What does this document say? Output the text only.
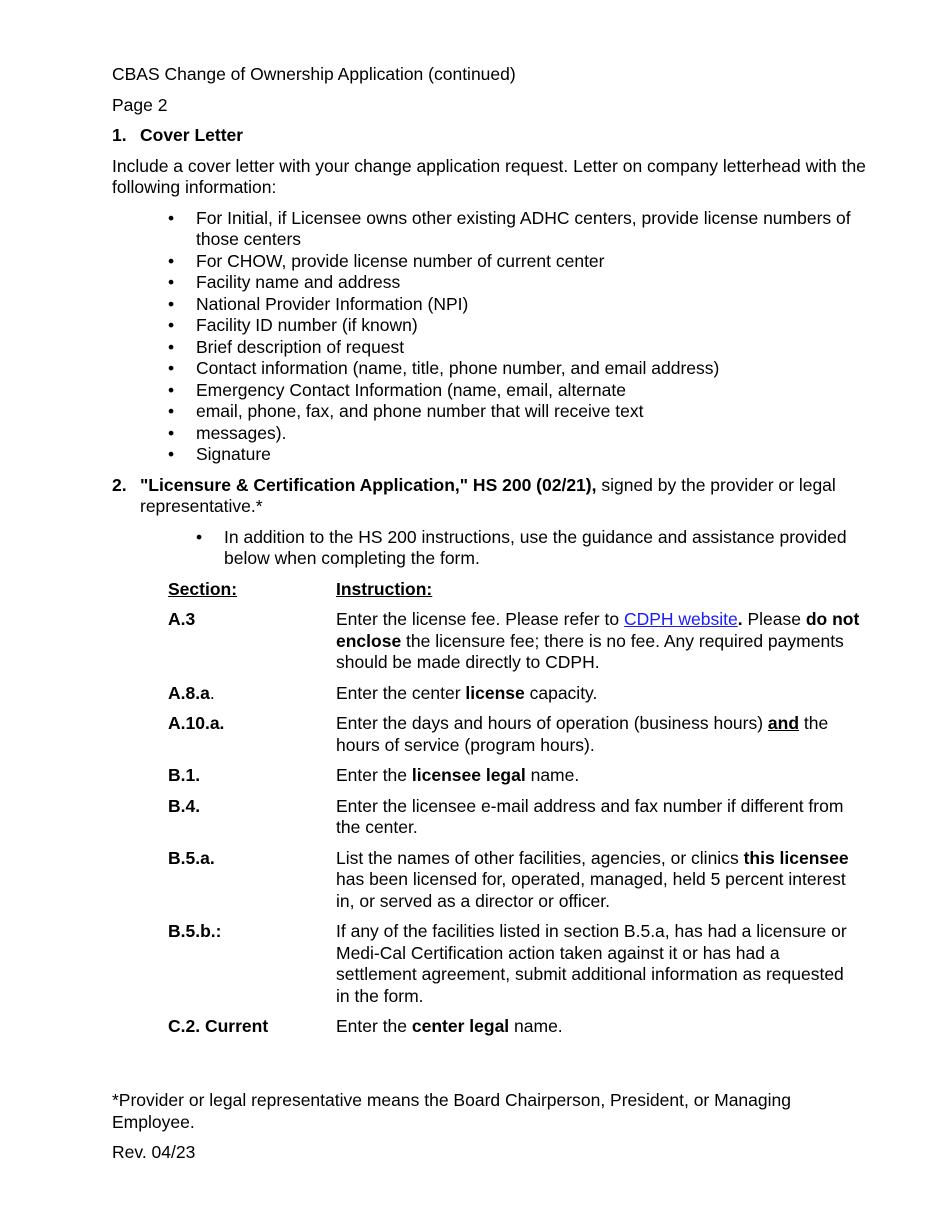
CBAS Change of Ownership Application (continued)

Page 2

1. Cover Letter

Include a cover letter with your change application request. Letter on company letterhead with the following information:

•	For Initial, if Licensee owns other existing ADHC centers, provide license numbers of those centers
•	For CHOW, provide license number of current center
•	Facility name and address
•	National Provider Information (NPI)
•	Facility ID number (if known)
•	Brief description of request
•	Contact information (name, title, phone number, and email address)
•	Emergency Contact Information (name, email, alternate
•	email, phone, fax, and phone number that will receive text
•	messages).
•	Signature
2. "Licensure & Certification Application," HS 200 (02/21), signed by the provider or legal representative.*
•	In addition to the HS 200 instructions, use the guidance and assistance provided below when completing the form.
Section:	Instruction:
A.3	Enter the license fee. Please refer to CDPH website. Please do not enclose the licensure fee; there is no fee. Any required payments should be made directly to CDPH.
A.8.a.	Enter the center license capacity.
A.10.a.	Enter the days and hours of operation (business hours) and the hours of service (program hours).
B.1.	Enter the licensee legal name.
B.4.	Enter the licensee e-mail address and fax number if different from the center.
B.5.a.	List the names of other facilities, agencies, or clinics this licensee has been licensed for, operated, managed, held 5 percent interest in, or served as a director or officer.
B.5.b.:	If any of the facilities listed in section B.5.a, has had a licensure or Medi-Cal Certification action taken against it or has had a settlement agreement, submit additional information as requested in the form.
C.2. Current	Enter the center legal name.

*Provider or legal representative means the Board Chairperson, President, or Managing Employee.

Rev. 04/23
